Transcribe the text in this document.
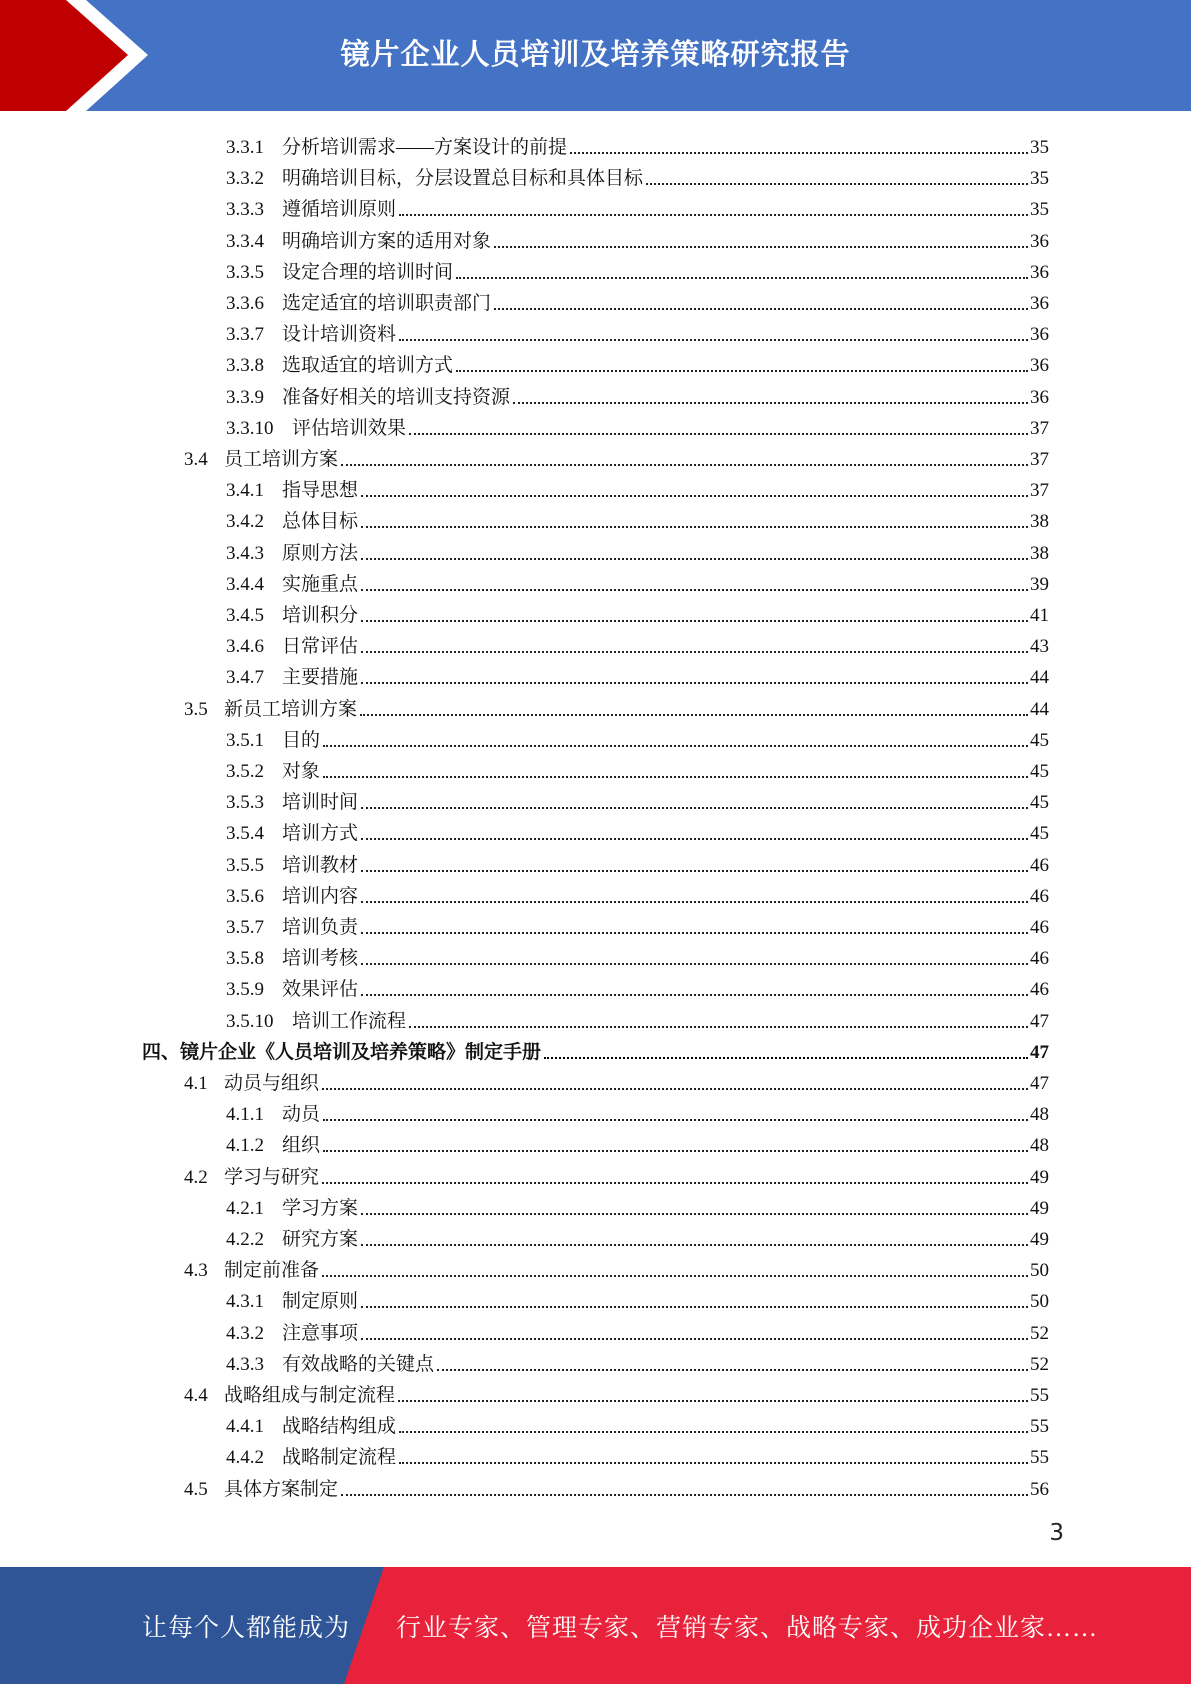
镜片企业人员培训及培养策略研究报告
3.3.1 分析培训需求——方案设计的前提	35
3.3.2 明确培训目标，分层设置总目标和具体目标	35
3.3.3 遵循培训原则	35
3.3.4 明确培训方案的适用对象	36
3.3.5 设定合理的培训时间	36
3.3.6 选定适宜的培训职责部门	36
3.3.7 设计培训资料	36
3.3.8 选取适宜的培训方式	36
3.3.9 准备好相关的培训支持资源	36
3.3.10 评估培训效果	37
3.4 员工培训方案	37
3.4.1 指导思想	37
3.4.2 总体目标	38
3.4.3 原则方法	38
3.4.4 实施重点	39
3.4.5 培训积分	41
3.4.6 日常评估	43
3.4.7 主要措施	44
3.5 新员工培训方案	44
3.5.1 目的	45
3.5.2 对象	45
3.5.3 培训时间	45
3.5.4 培训方式	45
3.5.5 培训教材	46
3.5.6 培训内容	46
3.5.7 培训负责	46
3.5.8 培训考核	46
3.5.9 效果评估	46
3.5.10 培训工作流程	47
四、镜片企业《人员培训及培养策略》制定手册	47
4.1 动员与组织	47
4.1.1 动员	48
4.1.2 组织	48
4.2 学习与研究	49
4.2.1 学习方案	49
4.2.2 研究方案	49
4.3 制定前准备	50
4.3.1 制定原则	50
4.3.2 注意事项	52
4.3.3 有效战略的关键点	52
4.4 战略组成与制定流程	55
4.4.1 战略结构组成	55
4.4.2 战略制定流程	55
4.5 具体方案制定	56
3
让每个人都能成为 行业专家、管理专家、营销专家、战略专家、成功企业家……
